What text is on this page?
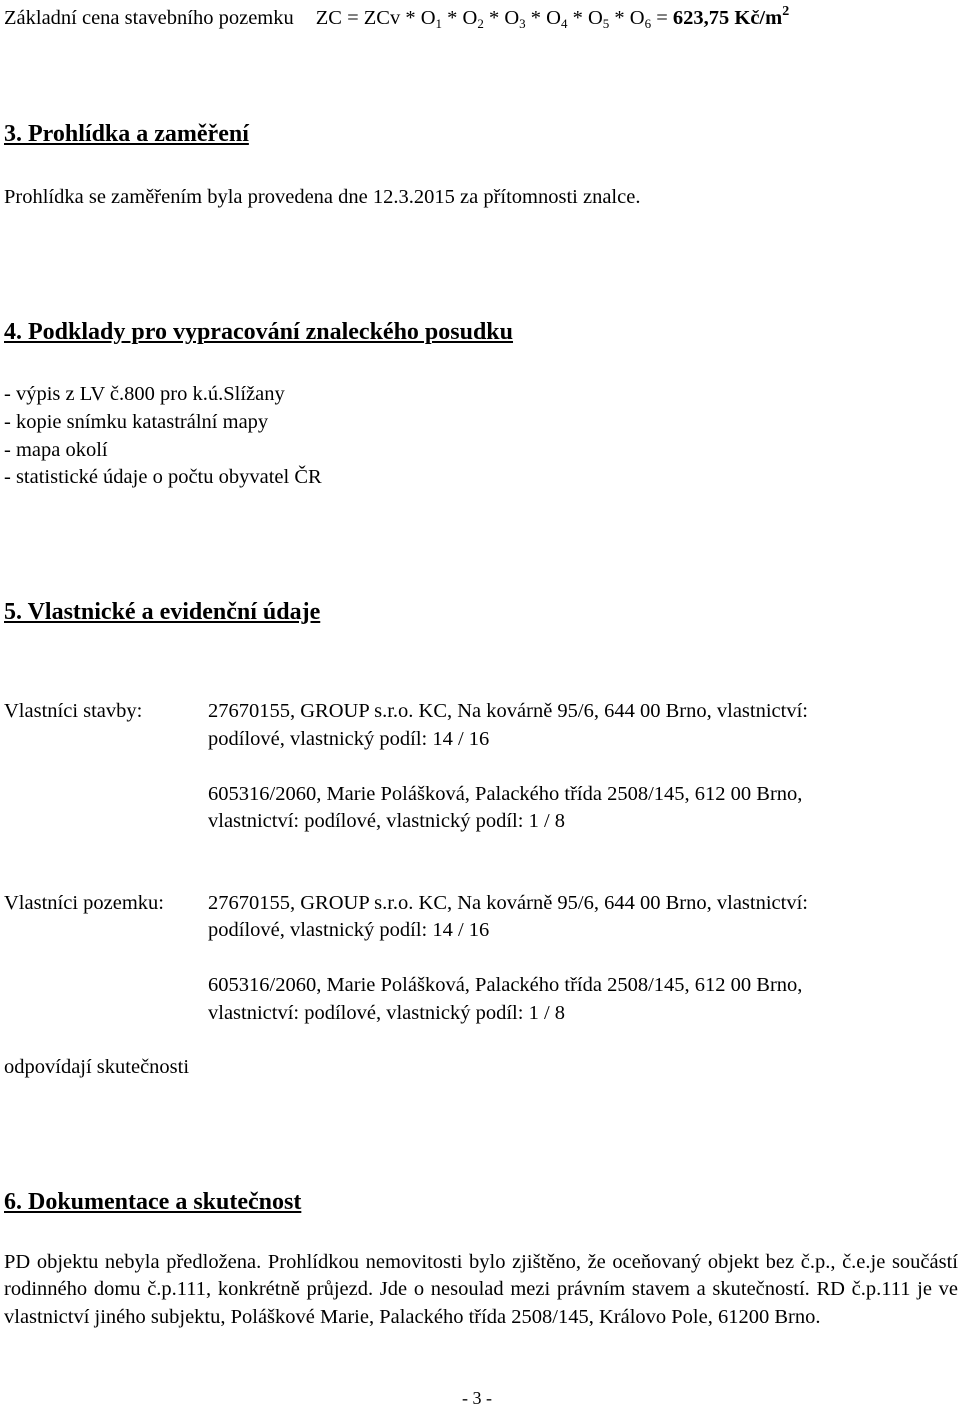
Základní cena stavebního pozemku ZC = ZCv * $O_1 * O_2 * O_3 * O_4 * O_5 * O_6 = 623,75$ $Kč/m^2$
3. Prohlídka a zaměření
Prohlídka se zaměřením byla provedena dne 12.3.2015 za přítomnosti znalce.
4. Podklady pro vypracování znaleckého posudku
- výpis z LV č.800 pro k.ú.Slížany
- kopie snímku katastrální mapy
- mapa okolí
- statistické údaje o počtu obyvatel ČR
5. Vlastnické a evidenční údaje
Vlastníci stavby:	27670155, GROUP s.r.o. KC, Na kovárně 95/6, 644 00 Brno, vlastnictví:
podílové, vlastnický podíl: 14 / 16
605316/2060, Marie Polášková, Palackého třída 2508/145, 612 00 Brno,
vlastnictví: podílové, vlastnický podíl: 1 / 8
Vlastníci pozemku: 27670155, GROUP s.r.o. KC, Na kovárně 95/6, 644 00 Brno, vlastnictví:
podílové, vlastnický podíl: 14 / 16
605316/2060, Marie Polášková, Palackého třída 2508/145, 612 00 Brno,
vlastnictví: podílové, vlastnický podíl: 1 / 8
odpovídají skutečnosti
6. Dokumentace a skutečnost
PD objektu nebyla předložena. Prohlídkou nemovitosti bylo zjištěno, že oceňovaný objekt bez č.p., č.e.je součástí rodinného domu č.p.111, konkrétně průjezd. Jde o nesoulad mezi právním stavem a skutečností. RD č.p.111 je ve vlastnictví jiného subjektu, Poláškové Marie, Palackého třída 2508/145, Královo Pole, 61200 Brno.
- 3 -
